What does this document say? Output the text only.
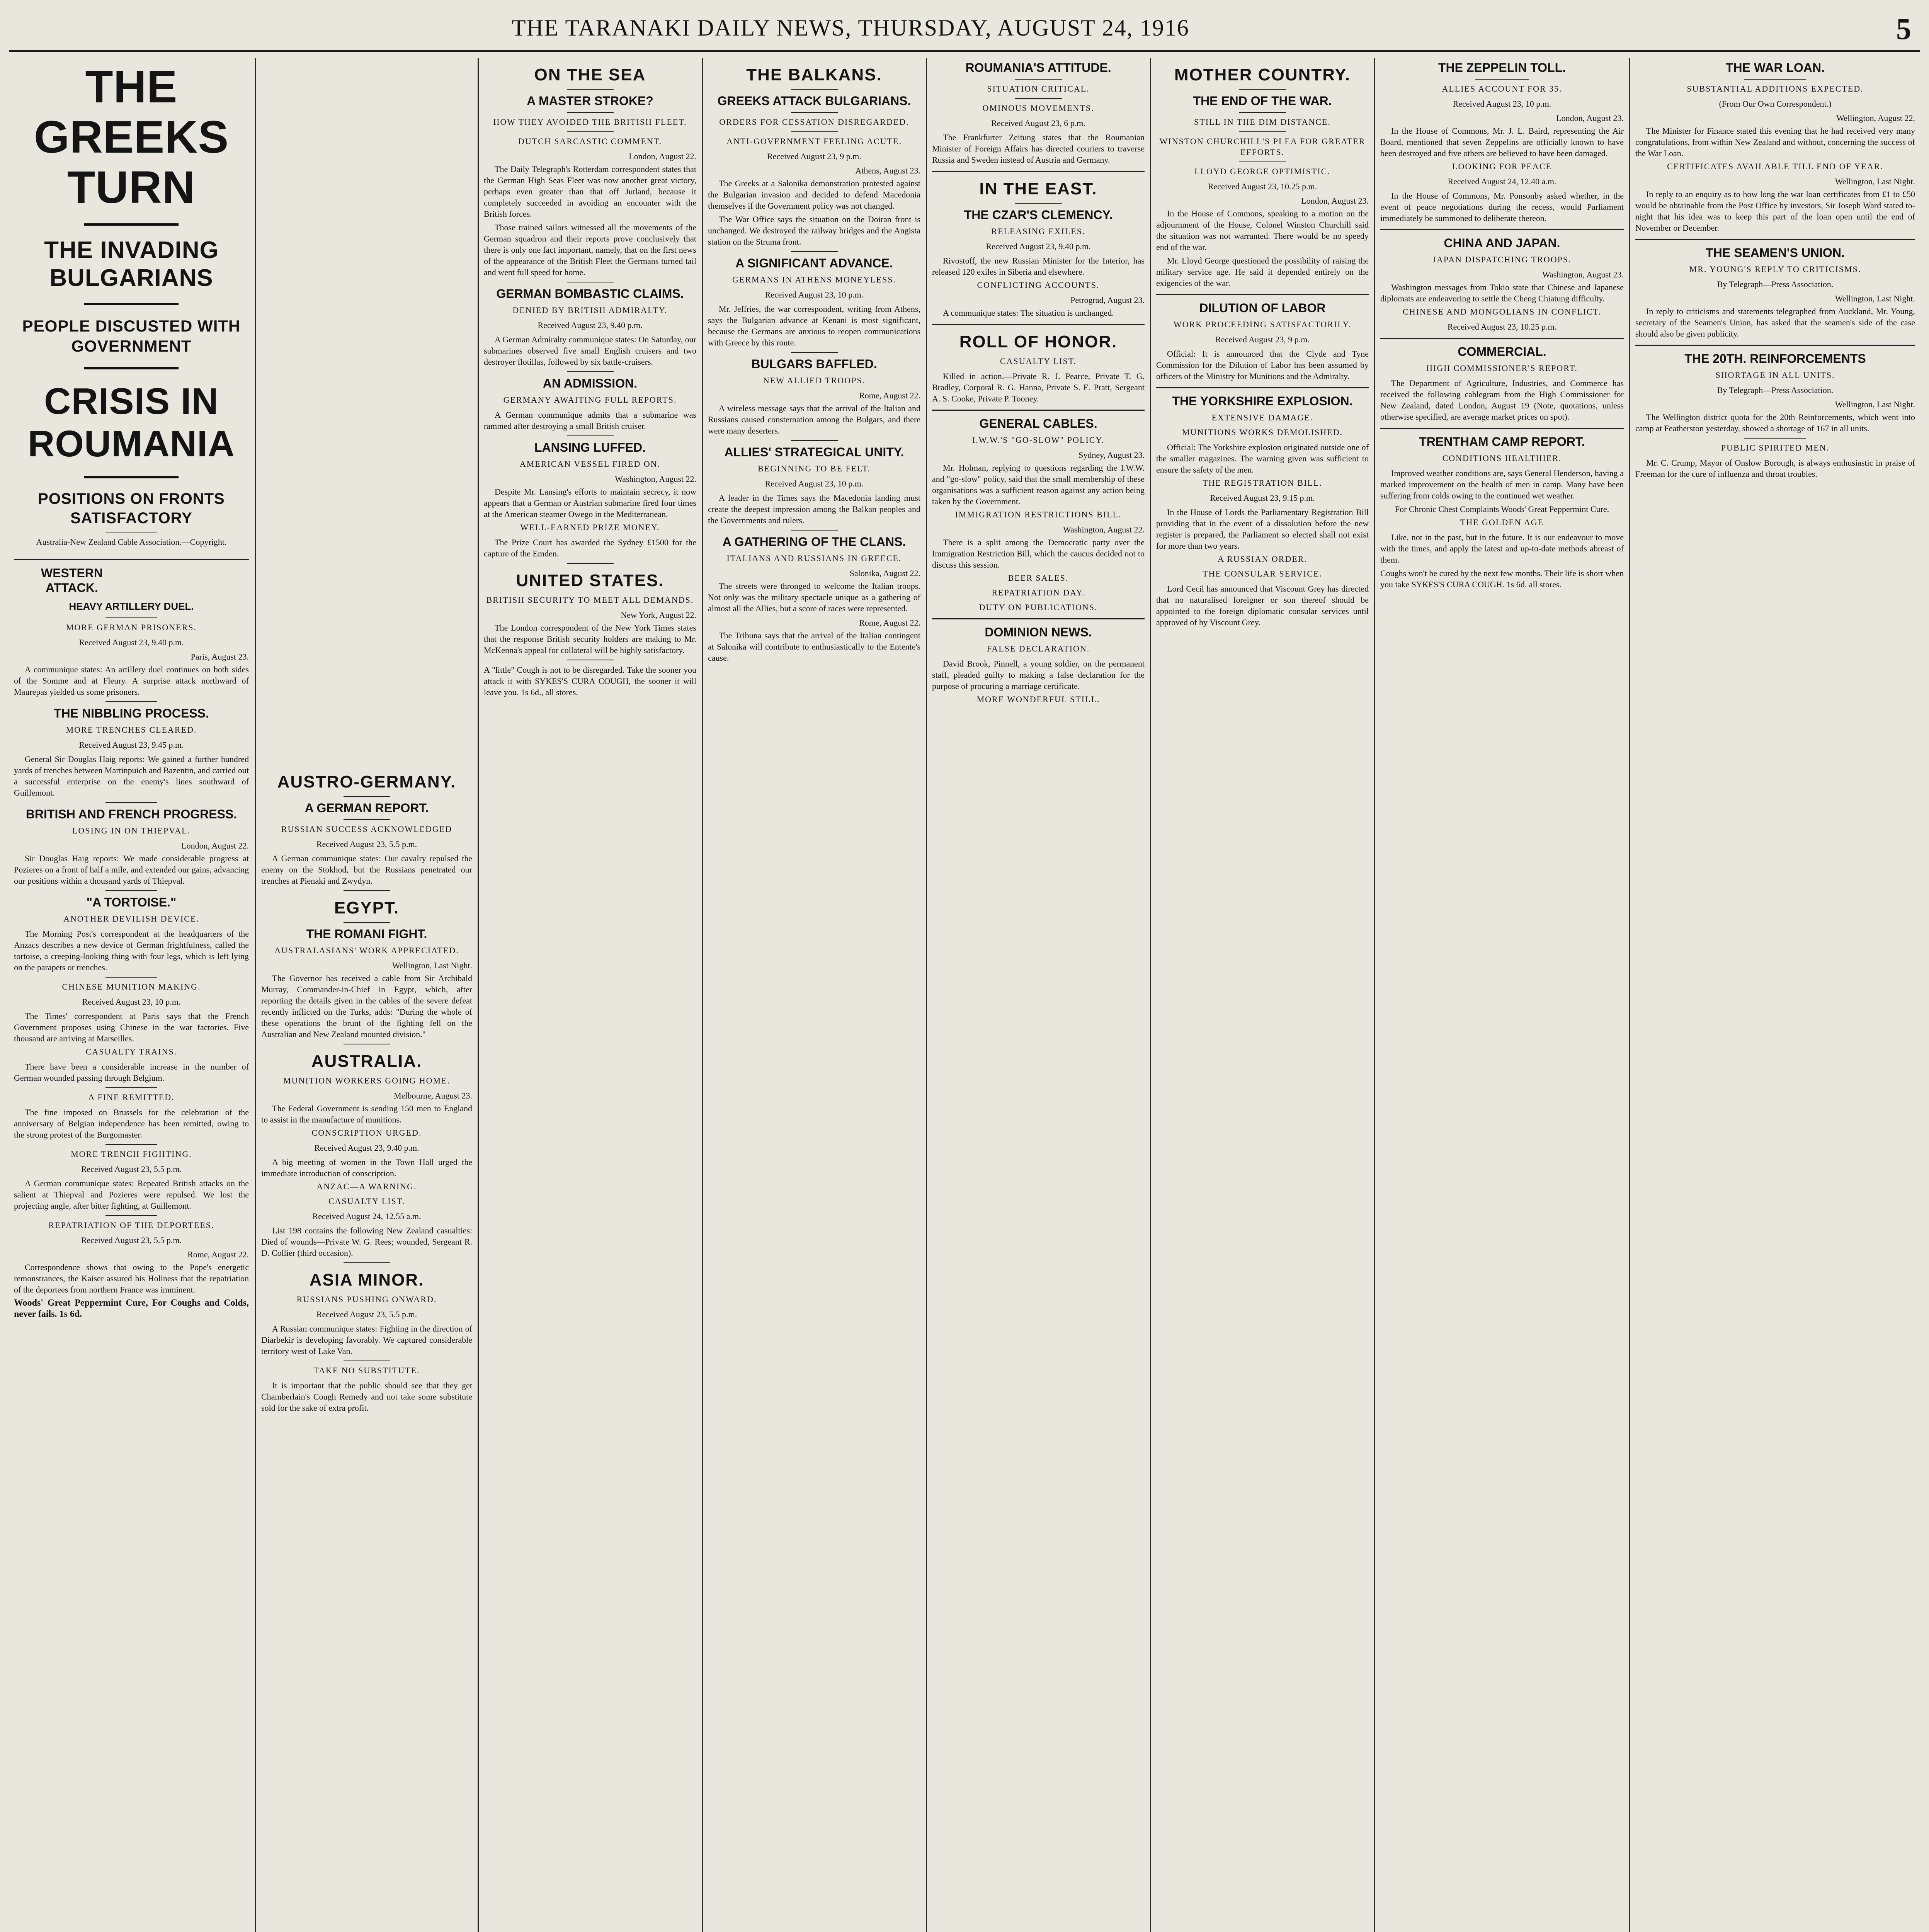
THE TARANAKI DAILY NEWS, THURSDAY, AUGUST 24, 1916	5
THE GREEKS TURN
THE INVADING BULGARIANS
PEOPLE DISCUSTED WITH GOVERNMENT
CRISIS IN ROUMANIA
POSITIONS ON FRONTS SATISFACTORY

Australia-New Zealand Cable Association.—Copyright.

WESTERN ATTACK.
HEAVY ARTILLERY DUEL.
MORE GERMAN PRISONERS.
Received August 23, 9.40 p.m.
Paris, August 23.

A communique states: An artillery duel continues on both sides of the Somme and at Fleury. A surprise attack northward of Maurepas yielded us some prisoners.

THE NIBBLING PROCESS.
MORE TRENCHES CLEARED.
Received August 23, 9.45 p.m.

General Sir Douglas Haig reports: We gained a further hundred yards of trenches between Martinpuich and Bazentin, and carried out a successful enterprise on the enemy's lines southward of Guillemont.

BRITISH AND FRENCH PROGRESS.
LOSING IN ON THIEPVAL.
London, August 22.

Sir Douglas Haig reports: We made considerable progress at Pozieres on a front of half a mile, and extended our gains, advancing our positions within a thousand yards of Thiepval.

"A TORTOISE."
ANOTHER DEVILISH DEVICE.

The Morning Post's correspondent at the headquarters of the Anzacs describes a new device of German frightfulness, called the tortoise, a creeping-looking thing with four legs, which is left lying on the parapets or trenches.

CHINESE MUNITION MAKING.
Received August 23, 10 p.m.

The Times' correspondent at Paris says that the French Government proposes using Chinese in the war factories. Five thousand are arriving at Marseilles.

CASUALTY TRAINS.

There have been a considerable increase in the number of German wounded passing through Belgium.

A FINE REMITTED.

The fine imposed on Brussels for the celebration of the anniversary of Belgian independence has been remitted, owing to the strong protest of the Burgomaster.

MORE TRENCH FIGHTING.
Received August 23, 5.5 p.m.

A German communique states: Repeated British attacks on the salient at Thiepval and Pozieres were repulsed. We lost the projecting angle, after bitter fighting, at Guillemont.

REPATRIATION OF THE DEPORTEES.
Received August 23, 5.5 p.m.
Rome, August 22.

Correspondence shows that owing to the Pope's energetic remonstrances, the Kaiser assured his Holiness that the repatriation of the deportees from northern France was imminent.

Woods' Great Peppermint Cure, For Coughs and Colds, never fails. 1s 6d.

AUSTRO-GERMANY.
A GERMAN REPORT.
RUSSIAN SUCCESS ACKNOWLEDGED
Received August 23, 5.5 p.m.

A German communique states: Our cavalry repulsed the enemy on the Stokhod, but the Russians penetrated our trenches at Pienaki and Zwydyn.

EGYPT.
THE ROMANI FIGHT.
AUSTRALASIANS' WORK APPRECIATED.
Wellington, Last Night.

The Governor has received a cable from Sir Archibald Murray, Commander-in-Chief in Egypt, which, after reporting the details given in the cables of the severe defeat recently inflicted on the Turks, adds: "During the whole of these operations the brunt of the fighting fell on the Australian and New Zealand mounted division."

AUSTRALIA.
MUNITION WORKERS GOING HOME.
Melbourne, August 23.

The Federal Government is sending 150 men to England to assist in the manufacture of munitions.

CONSCRIPTION URGED.
Received August 23, 9.40 p.m.

A big meeting of women in the Town Hall urged the immediate introduction of conscription.

ANZAC—A WARNING.
CASUALTY LIST.
Received August 24, 12.55 a.m.

List 198 contains the following New Zealand casualties: Died of wounds—Private W. G. Rees; wounded, Sergeant R. D. Collier (third occasion).

ASIA MINOR.
RUSSIANS PUSHING ONWARD.
Received August 23, 5.5 p.m.

A Russian communique states: Fighting in the direction of Diarbekir is developing favorably. We captured considerable territory west of Lake Van.

TAKE NO SUBSTITUTE.

It is important that the public should see that they get Chamberlain's Cough Remedy and not take some substitute sold for the sake of extra profit.

ON THE SEA
A MASTER STROKE?
HOW THEY AVOIDED THE BRITISH FLEET.
DUTCH SARCASTIC COMMENT.
London, August 22.

The Daily Telegraph's Rotterdam correspondent states that the German High Seas Fleet was now another great victory, perhaps even greater than that off Jutland, because it completely succeeded in avoiding an encounter with the British forces.

Those trained sailors witnessed all the movements of the German squadron and their reports prove conclusively that there is only one fact important, namely, that on the first news of the appearance of the British Fleet the Germans turned tail and went full speed for home.

GERMAN BOMBASTIC CLAIMS.
DENIED BY BRITISH ADMIRALTY.
Received August 23, 9.40 p.m.

A German Admiralty communique states: On Saturday, our submarines observed five small English cruisers and two destroyer flotillas, followed by six battle-cruisers.

AN ADMISSION.
GERMANY AWAITING FULL REPORTS.

A German communique admits that a submarine was rammed after destroying a small British cruiser.

LANSING LUFFED.
AMERICAN VESSEL FIRED ON.
Washington, August 22.

Despite Mr. Lansing's efforts to maintain secrecy, it now appears that a German or Austrian submarine fired four times at the American steamer Owego in the Mediterranean.

WELL-EARNED PRIZE MONEY.

The Prize Court has awarded the Sydney £1500 for the capture of the Emden.

UNITED STATES.
BRITISH SECURITY TO MEET ALL DEMANDS.
New York, August 22.

The London correspondent of the New York Times states that the response British security holders are making to Mr. McKenna's appeal for collateral will be highly satisfactory.

A "little" Cough is not to be disregarded. Take the sooner you attack it with SYKES'S CURA COUGH, the sooner it will leave you. 1s 6d., all stores.

THE BALKANS.
GREEKS ATTACK BULGARIANS.
ORDERS FOR CESSATION DISREGARDED.
ANTI-GOVERNMENT FEELING ACUTE.
Received August 23, 9 p.m.
Athens, August 23.

The Greeks at a Salonika demonstration protested against the Bulgarian invasion and decided to defend Macedonia themselves if the Government policy was not changed.

The War Office says the situation on the Doiran front is unchanged. We destroyed the railway bridges and the Angista station on the Struma front.

A SIGNIFICANT ADVANCE.
GERMANS IN ATHENS MONEYLESS.
Received August 23, 10 p.m.

Mr. Jeffries, the war correspondent, writing from Athens, says the Bulgarian advance at Kenani is most significant, because the Germans are anxious to reopen communications with Greece by this route.

BULGARS BAFFLED.
NEW ALLIED TROOPS.
Rome, August 22.

A wireless message says that the arrival of the Italian and Russians caused consternation among the Bulgars, and there were many deserters.

ALLIES' STRATEGICAL UNITY.
BEGINNING TO BE FELT.
Received August 23, 10 p.m.

A leader in the Times says the Macedonia landing must create the deepest impression among the Balkan peoples and the Governments and rulers.

A GATHERING OF THE CLANS.
ITALIANS AND RUSSIANS IN GREECE.
Salonika, August 22.

The streets were thronged to welcome the Italian troops. Not only was the military spectacle unique as a gathering of almost all the Allies, but a score of races were represented.

Rome, August 22.

The Tribuna says that the arrival of the Italian contingent at Salonika will contribute to enthusiastically to the Entente's cause.

ROUMANIA'S ATTITUDE.
SITUATION CRITICAL.
OMINOUS MOVEMENTS.
Received August 23, 6 p.m.

The Frankfurter Zeitung states that the Roumanian Minister of Foreign Affairs has directed couriers to traverse Russia and Sweden instead of Austria and Germany.

IN THE EAST.
THE CZAR'S CLEMENCY.
RELEASING EXILES.
Received August 23, 9.40 p.m.

Rivostoff, the new Russian Minister for the Interior, has released 120 exiles in Siberia and elsewhere.

CONFLICTING ACCOUNTS.
Petrograd, August 23.

A communique states: The situation is unchanged.

ROLL OF HONOR.
CASUALTY LIST.

Killed in action.—Private R. J. Pearce, Private T. G. Bradley, Corporal R. G. Hanna, Private S. E. Pratt, Sergeant A. S. Cooke, Private P. Tooney.

GENERAL CABLES.
I.W.W.'S "GO-SLOW" POLICY.
Sydney, August 23.

Mr. Holman, replying to questions regarding the I.W.W. and "go-slow" policy, said that the small membership of these organisations was a sufficient reason against any action being taken by the Government.

IMMIGRATION RESTRICTIONS BILL.
Washington, August 22.

There is a split among the Democratic party over the Immigration Restriction Bill, which the caucus decided not to discuss this session.

BEER SALES.
REPATRIATION DAY.
DUTY ON PUBLICATIONS.
DOMINION NEWS.
FALSE DECLARATION.

David Brook, Pinnell, a young soldier, on the permanent staff, pleaded guilty to making a false declaration for the purpose of procuring a marriage certificate.

MORE WONDERFUL STILL.
MOTHER COUNTRY.
THE END OF THE WAR.
STILL IN THE DIM DISTANCE.
WINSTON CHURCHILL'S PLEA FOR GREATER EFFORTS.
LLOYD GEORGE OPTIMISTIC.
Received August 23, 10.25 p.m.
London, August 23.

In the House of Commons, speaking to a motion on the adjournment of the House, Colonel Winston Churchill said the situation was not warranted. There would be no speedy end of the war.

Mr. Lloyd George questioned the possibility of raising the military service age. He said it depended entirely on the exigencies of the war.

DILUTION OF LABOR
WORK PROCEEDING SATISFACTORILY.
Received August 23, 9 p.m.

Official: It is announced that the Clyde and Tyne Commission for the Dilution of Labor has been assumed by officers of the Ministry for Munitions and the Admiralty.

THE YORKSHIRE EXPLOSION.
EXTENSIVE DAMAGE.
MUNITIONS WORKS DEMOLISHED.

Official: The Yorkshire explosion originated outside one of the smaller magazines. The warning given was sufficient to ensure the safety of the men.

THE REGISTRATION BILL.
Received August 23, 9.15 p.m.

In the House of Lords the Parliamentary Registration Bill providing that in the event of a dissolution before the new register is prepared, the Parliament so elected shall not exist for more than two years.

A RUSSIAN ORDER.
THE CONSULAR SERVICE.

Lord Cecil has announced that Viscount Grey has directed that no naturalised foreigner or son thereof should be appointed to the foreign diplomatic consular services until approved of by Viscount Grey.

THE ZEPPELIN TOLL.
ALLIES ACCOUNT FOR 35.
Received August 23, 10 p.m.
London, August 23.

In the House of Commons, Mr. J. L. Baird, representing the Air Board, mentioned that seven Zeppelins are officially known to have been destroyed and five others are believed to have been damaged.

LOOKING FOR PEACE
Received August 24, 12.40 a.m.

In the House of Commons, Mr. Ponsonby asked whether, in the event of peace negotiations during the recess, would Parliament immediately be summoned to deliberate thereon.

CHINA AND JAPAN.
JAPAN DISPATCHING TROOPS.
Washington, August 23.

Washington messages from Tokio state that Chinese and Japanese diplomats are endeavoring to settle the Cheng Chiatung difficulty.

CHINESE AND MONGOLIANS IN CONFLICT.
Received August 23, 10.25 p.m.
COMMERCIAL.
HIGH COMMISSIONER'S REPORT.

The Department of Agriculture, Industries, and Commerce has received the following cablegram from the High Commissioner for New Zealand, dated London, August 19 (Note, quotations, unless otherwise specified, are average market prices on spot).

TRENTHAM CAMP REPORT.
CONDITIONS HEALTHIER.

Improved weather conditions are, says General Henderson, having a marked improvement on the health of men in camp. Many have been suffering from colds owing to the continued wet weather.

For Chronic Chest Complaints Woods' Great Peppermint Cure.

THE GOLDEN AGE

Like, not in the past, but in the future. It is our endeavour to move with the times, and apply the latest and up-to-date methods abreast of them.

Coughs won't be cured by the next few months. Their life is short when you take SYKES'S CURA COUGH. 1s 6d. all stores.

THE WAR LOAN.
SUBSTANTIAL ADDITIONS EXPECTED.
(From Our Own Correspondent.)
Wellington, August 22.

The Minister for Finance stated this evening that he had received very many congratulations, from within New Zealand and without, concerning the success of the War Loan.

CERTIFICATES AVAILABLE TILL END OF YEAR.
Wellington, Last Night.

In reply to an enquiry as to how long the war loan certificates from £1 to £50 would be obtainable from the Post Office by investors, Sir Joseph Ward stated to-night that his idea was to keep this part of the loan open until the end of November or December.

THE SEAMEN'S UNION.
MR. YOUNG'S REPLY TO CRITICISMS.
By Telegraph—Press Association.
Wellington, Last Night.

In reply to criticisms and statements telegraphed from Auckland, Mr. Young, secretary of the Seamen's Union, has asked that the seamen's side of the case should also be given publicity.

THE 20TH. REINFORCEMENTS
SHORTAGE IN ALL UNITS.
By Telegraph—Press Association.
Wellington, Last Night.

The Wellington district quota for the 20th Reinforcements, which went into camp at Featherston yesterday, showed a shortage of 167 in all units.

PUBLIC SPIRITED MEN.

Mr. C. Crump, Mayor of Onslow Borough, is always enthusiastic in praise of Freeman for the cure of influenza and throat troubles.
